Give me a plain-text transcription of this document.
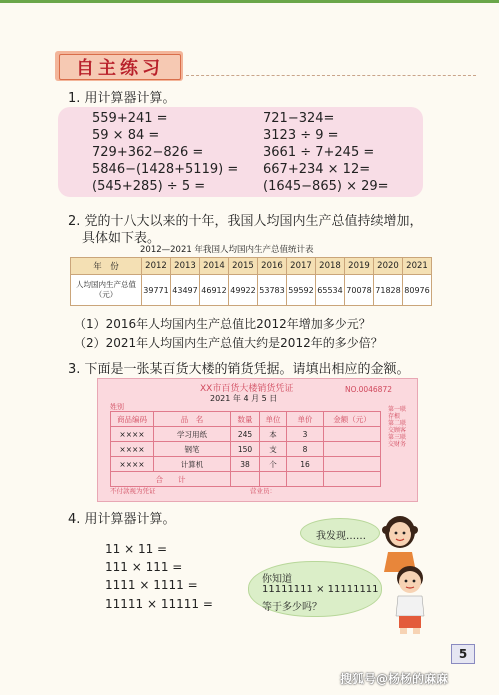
自主练习
1. 用计算器计算。
559+241 =
59 × 84 =
729+362−826 =
5846−(1428+5119) =
(545+285) ÷ 5 =
721−324=
3123 ÷ 9 =
3661 ÷ 7+245 =
667+234 × 12=
(1645−865) × 29=
2. 党的十八大以来的十年，我国人均国内生产总值持续增加，
具体如下表。
2012—2021 年我国人均国内生产总值统计表
年　份	2012	2013	2014	2015	2016	2017	2018	2019	2020	2021
人均国内生产总值（元）	39771	43497	46912	49922	53783	59592	65534	70078	71828	80976
（1）2016年人均国内生产总值比2012年增加多少元？
（2）2021年人均国内生产总值大约是2012年的多少倍？
3. 下面是一张某百货大楼的销货凭据。请填出相应的金额。
XX市百货大楼销货凭证	NO.0046872
2021 年 4 月 5 日
姓别
商品编码	品　名	数量	单位	单价	金额（元）
××××	学习用纸	245	本	3	
××××	钢笔	150	支	8	
××××	计算机	38	个	16	
合　　计					
第一联存根 第二联交顾客 第三联交财务
不付款视为凭证	营业员：
4. 用计算器计算。
11 × 11 =
111 × 111 =
1111 × 1111 =
11111 × 11111 =
我发现……
你知道
11111111 × 11111111
等于多少吗？
5
搜狐号@杨杨的麻麻
